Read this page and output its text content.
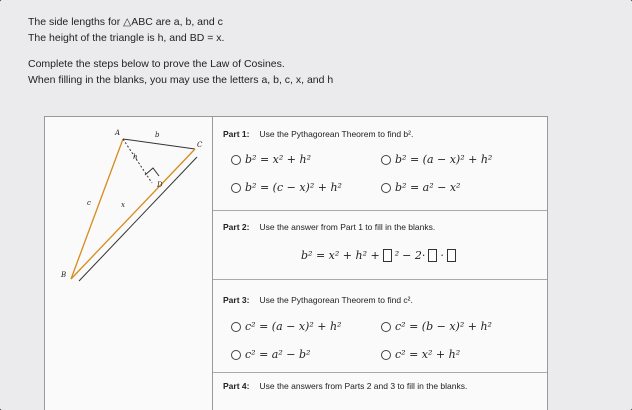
The side lengths for △ABC are a, b, and c
The height of the triangle is h, and BD = x.
Complete the steps below to prove the Law of Cosines.
When filling in the blanks, you may use the letters a, b, c, x, and h
A	b
C
h
D
c	x
B
Part 1: Use the Pythagorean Theorem to find b².
b² = x² + h²	b² = (a − x)² + h²
b² = (c − x)² + h²	b² = a² − x²
Part 2: Use the answer from Part 1 to fill in the blanks.
b² = x² + h² + ² − 2· ·
Part 3: Use the Pythagorean Theorem to find c².
c² = (a − x)² + h²	c² = (b − x)² + h²
c² = a² − b²	c² = x² + h²
Part 4: Use the answers from Parts 2 and 3 to fill in the blanks.
